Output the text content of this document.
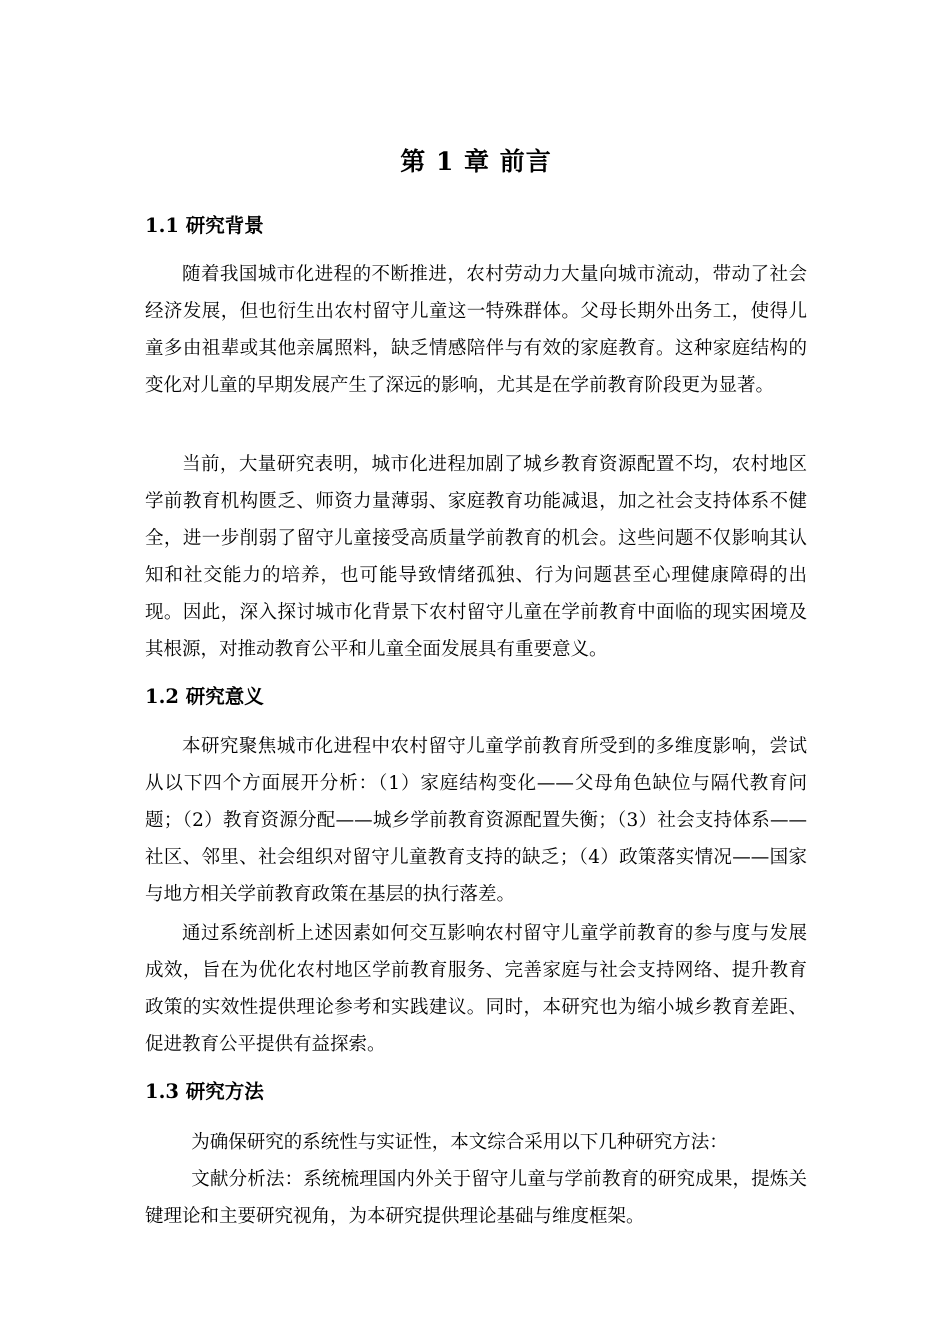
第 1 章 前言
1.1 研究背景

随着我国城市化进程的不断推进，农村劳动力大量向城市流动，带动了社会经济发展，但也衍生出农村留守儿童这一特殊群体。父母长期外出务工，使得儿童多由祖辈或其他亲属照料，缺乏情感陪伴与有效的家庭教育。这种家庭结构的变化对儿童的早期发展产生了深远的影响，尤其是在学前教育阶段更为显著。

当前，大量研究表明，城市化进程加剧了城乡教育资源配置不均，农村地区学前教育机构匮乏、师资力量薄弱、家庭教育功能减退，加之社会支持体系不健全，进一步削弱了留守儿童接受高质量学前教育的机会。这些问题不仅影响其认知和社交能力的培养，也可能导致情绪孤独、行为问题甚至心理健康障碍的出现。因此，深入探讨城市化背景下农村留守儿童在学前教育中面临的现实困境及其根源，对推动教育公平和儿童全面发展具有重要意义。

1.2 研究意义

本研究聚焦城市化进程中农村留守儿童学前教育所受到的多维度影响，尝试从以下四个方面展开分析：（1）家庭结构变化——父母角色缺位与隔代教育问题；（2）教育资源分配——城乡学前教育资源配置失衡；（3）社会支持体系——社区、邻里、社会组织对留守儿童教育支持的缺乏；（4）政策落实情况——国家与地方相关学前教育政策在基层的执行落差。

通过系统剖析上述因素如何交互影响农村留守儿童学前教育的参与度与发展成效，旨在为优化农村地区学前教育服务、完善家庭与社会支持网络、提升教育政策的实效性提供理论参考和实践建议。同时，本研究也为缩小城乡教育差距、促进教育公平提供有益探索。

1.3 研究方法

为确保研究的系统性与实证性，本文综合采用以下几种研究方法：

文献分析法：系统梳理国内外关于留守儿童与学前教育的研究成果，提炼关键理论和主要研究视角，为本研究提供理论基础与维度框架。
